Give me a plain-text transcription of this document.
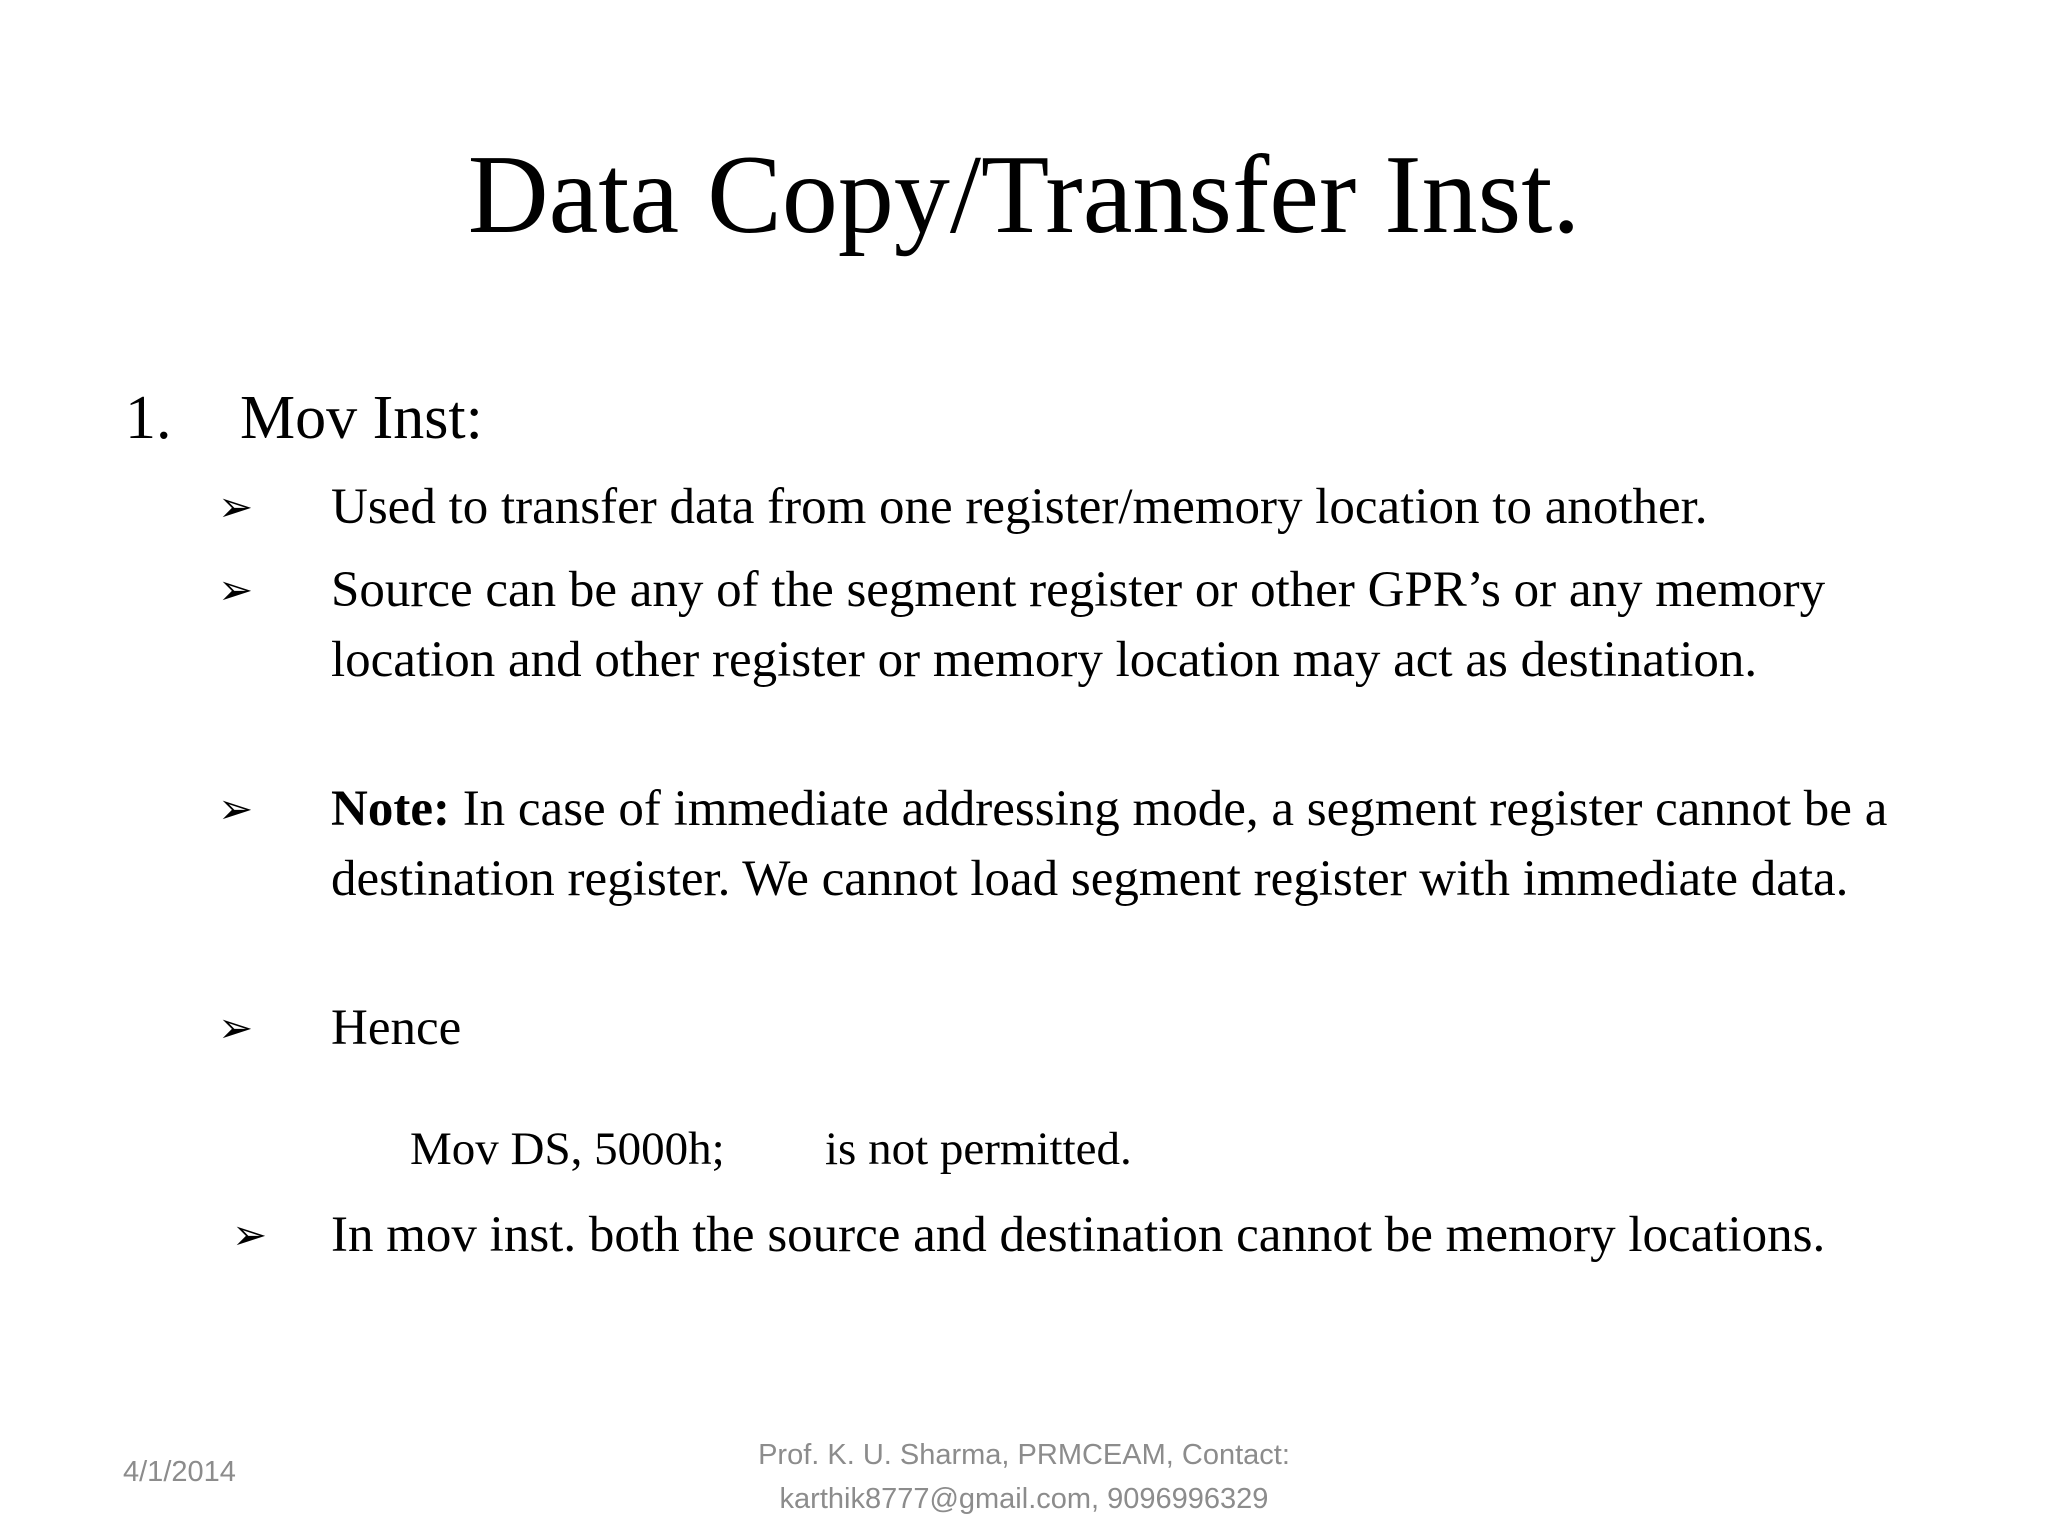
Data Copy/Transfer Inst.
1. Mov Inst:
➢	Used to transfer data from one register/memory location to another.
➢	Source can be any of the segment register or other GPR’s or any memory location and other register or memory location may act as destination.
➢	Note: In case of immediate addressing mode, a segment register cannot be a destination register. We cannot load segment register with immediate data.
➢	Hence
Mov DS, 5000h; is not permitted.
➢	In mov inst. both the source and destination cannot be memory locations.
4/1/2014
Prof. K. U. Sharma, PRMCEAM, Contact:
karthik8777@gmail.com, 9096996329
